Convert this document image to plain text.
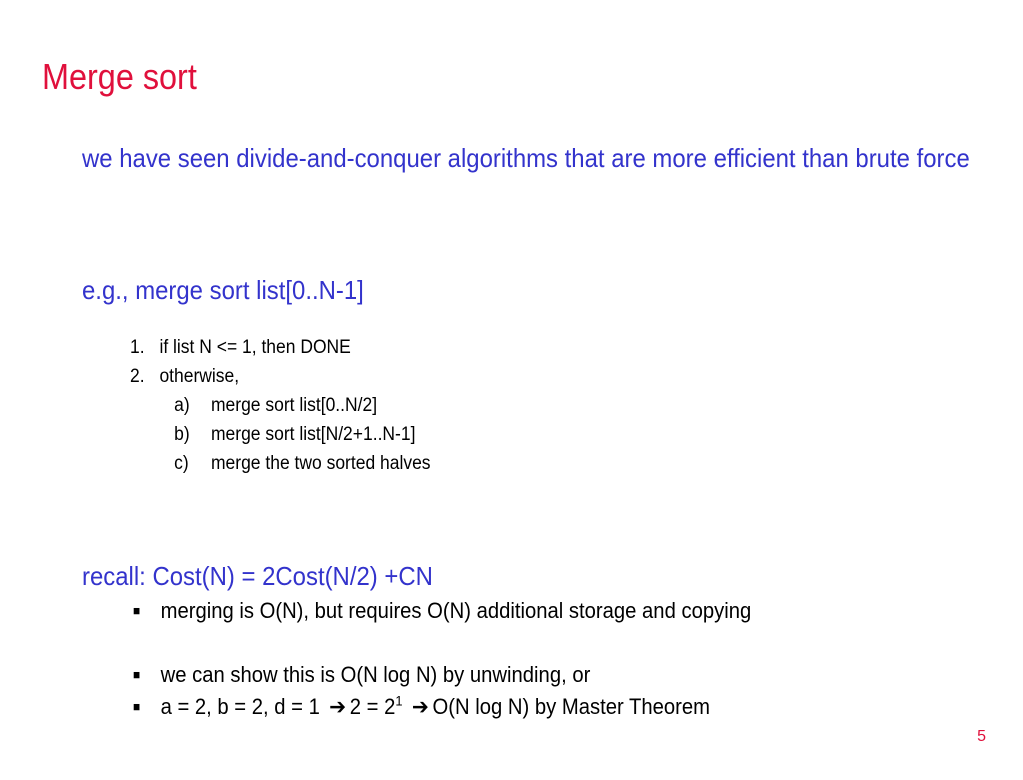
Merge sort
we have seen divide-and-conquer algorithms that are more efficient than brute force
e.g., merge sort list[0..N-1]
1. if list N <= 1, then DONE
2. otherwise,
a) merge sort list[0..N/2]
b) merge sort list[N/2+1..N-1]
c) merge the two sorted halves
recall: Cost(N) = 2Cost(N/2) +CN
■ merging is O(N), but requires O(N) additional storage and copying
■ we can show this is O(N log N) by unwinding, or
■ a = 2, b = 2, d = 1 ➔ $2 = 2^1$ ➔ O(N log N) by Master Theorem
5
